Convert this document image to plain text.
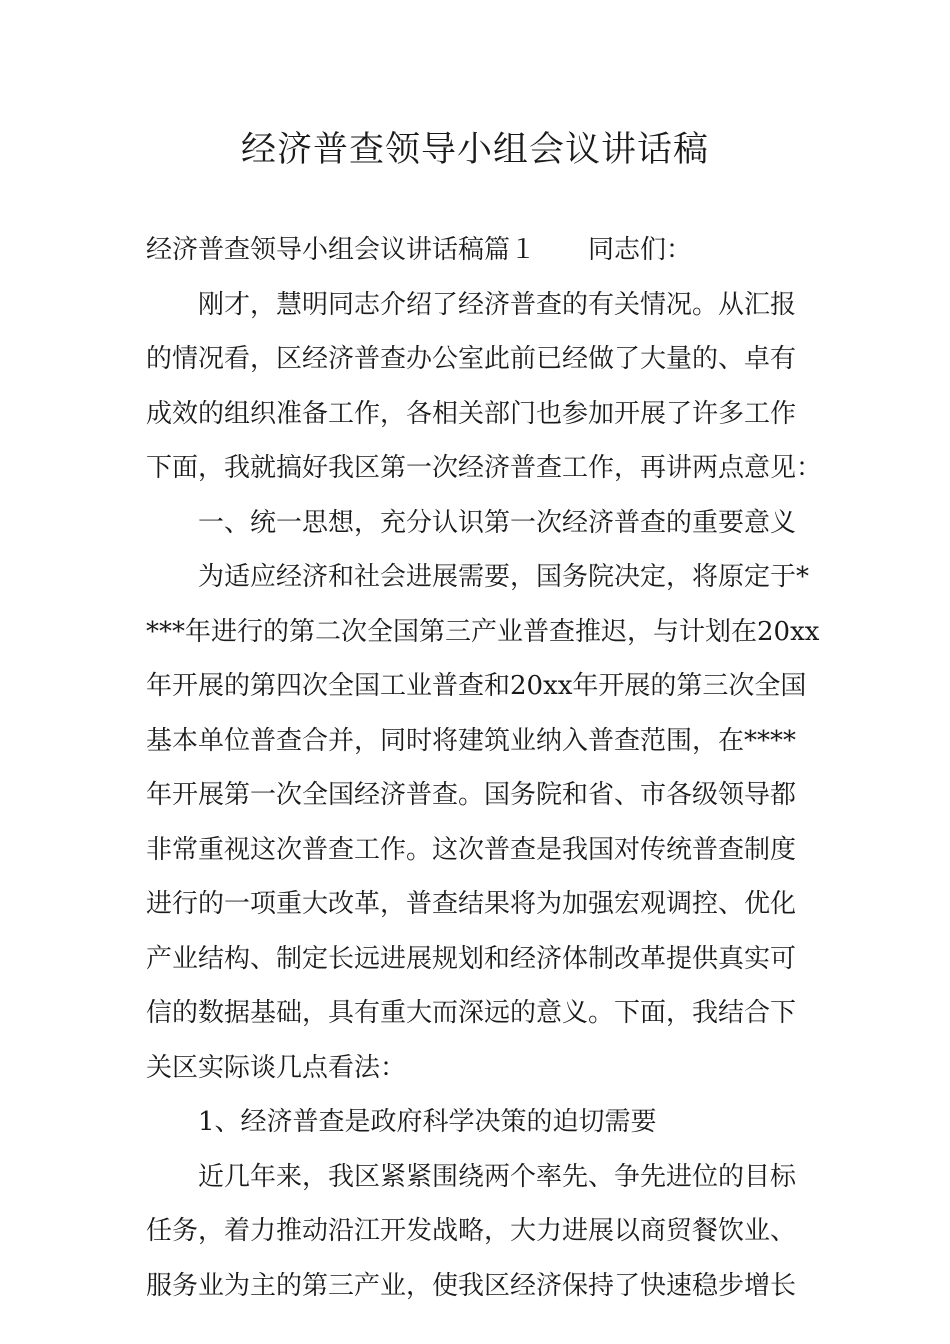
经济普查领导小组会议讲话稿
经济普查领导小组会议讲话稿篇１ 同志们：
刚才，慧明同志介绍了经济普查的有关情况。从汇报
的情况看，区经济普查办公室此前已经做了大量的、卓有
成效的组织准备工作，各相关部门也参加开展了许多工作
下面，我就搞好我区第一次经济普查工作，再讲两点意见：
一、统一思想，充分认识第一次经济普查的重要意义
为适应经济和社会进展需要，国务院决定，将原定于*
***年进行的第二次全国第三产业普查推迟，与计划在20xx
年开展的第四次全国工业普查和20xx年开展的第三次全国
基本单位普查合并，同时将建筑业纳入普查范围，在****
年开展第一次全国经济普查。国务院和省、市各级领导都
非常重视这次普查工作。这次普查是我国对传统普查制度
进行的一项重大改革，普查结果将为加强宏观调控、优化
产业结构、制定长远进展规划和经济体制改革提供真实可
信的数据基础，具有重大而深远的意义。下面，我结合下
关区实际谈几点看法：
1、经济普查是政府科学决策的迫切需要
近几年来，我区紧紧围绕两个率先、争先进位的目标
任务，着力推动沿江开发战略，大力进展以商贸餐饮业、
服务业为主的第三产业，使我区经济保持了快速稳步增长
